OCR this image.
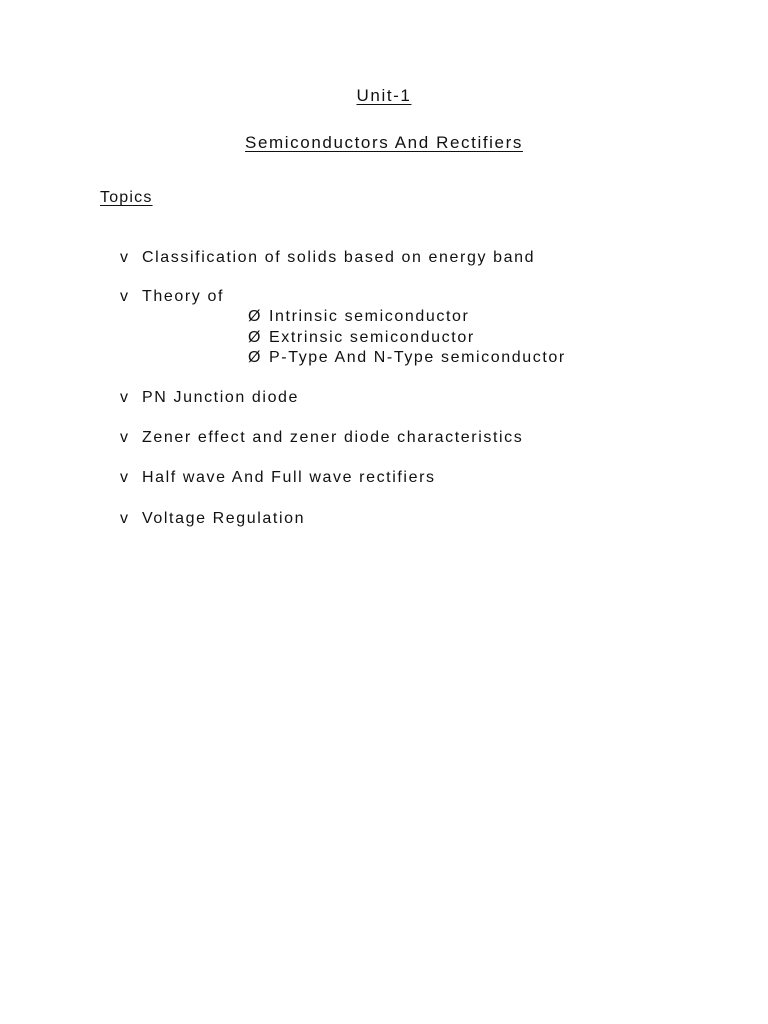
Unit-1
Semiconductors And Rectifiers
Topics
v Classification of solids based on energy band
v Theory of
Ø Intrinsic semiconductor
Ø Extrinsic semiconductor
Ø P-Type And N-Type semiconductor
v PN Junction diode
v Zener effect and zener diode characteristics
v Half wave And Full wave rectifiers
v Voltage Regulation
